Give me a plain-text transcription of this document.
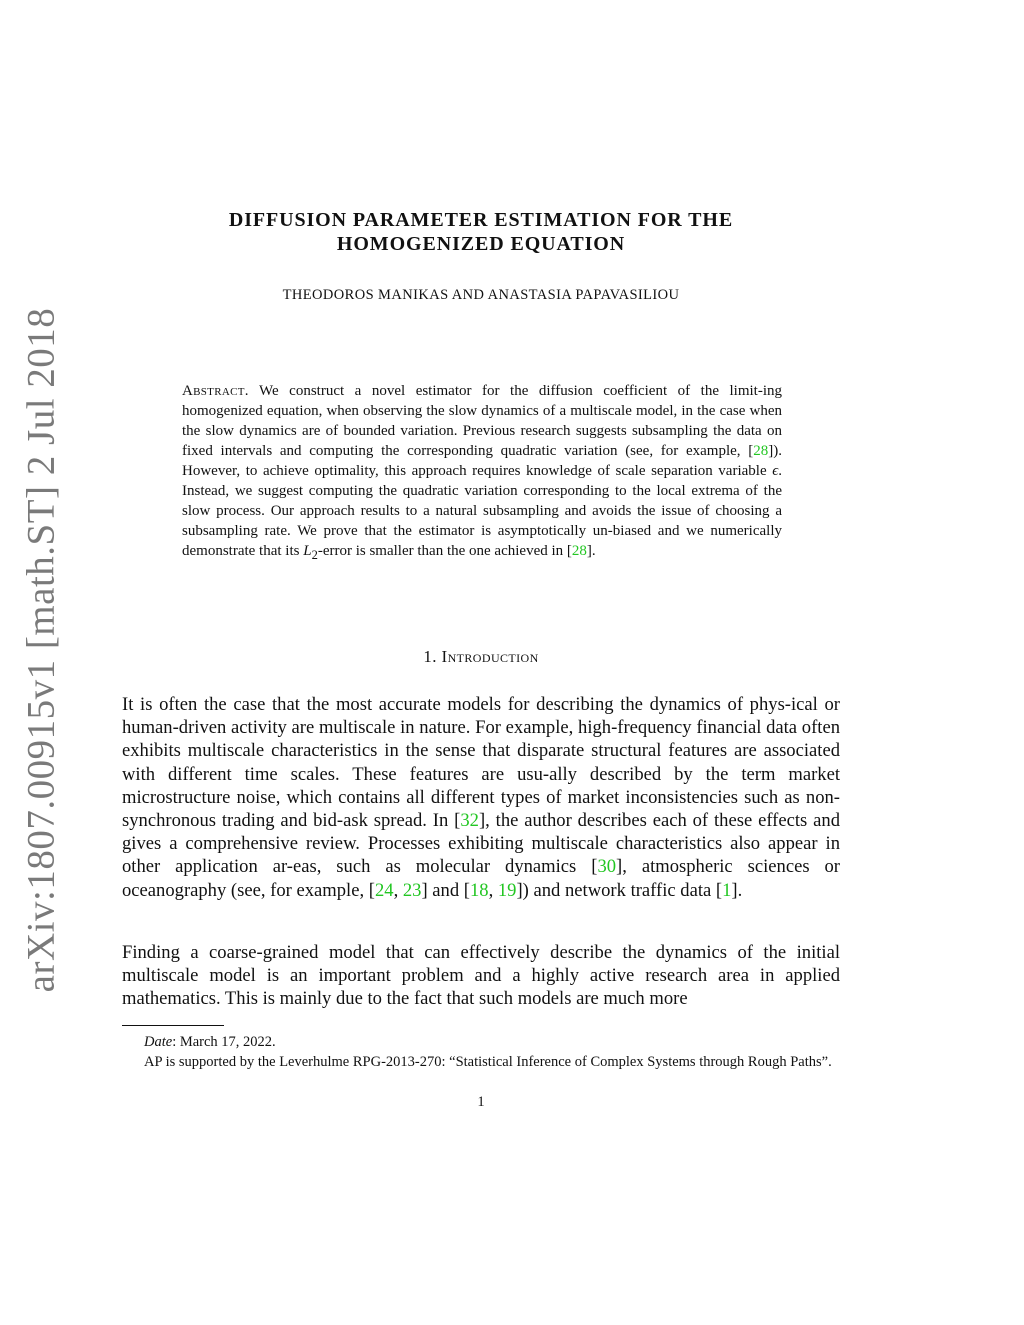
arXiv:1807.00915v1 [math.ST] 2 Jul 2018
DIFFUSION PARAMETER ESTIMATION FOR THE
HOMOGENIZED EQUATION
THEODOROS MANIKAS AND ANASTASIA PAPAVASILIOU
Abstract. We construct a novel estimator for the diffusion coefficient of the limit-ing homogenized equation, when observing the slow dynamics of a multiscale model, in the case when the slow dynamics are of bounded variation. Previous research suggests subsampling the data on fixed intervals and computing the corresponding quadratic variation (see, for example, [28]). However, to achieve optimality, this approach requires knowledge of scale separation variable ϵ. Instead, we suggest computing the quadratic variation corresponding to the local extrema of the slow process. Our approach results to a natural subsampling and avoids the issue of choosing a subsampling rate. We prove that the estimator is asymptotically un-biased and we numerically demonstrate that its $L_2$-error is smaller than the one achieved in [28].
1. Introduction
It is often the case that the most accurate models for describing the dynamics of phys-ical or human-driven activity are multiscale in nature. For example, high-frequency financial data often exhibits multiscale characteristics in the sense that disparate structural features are associated with different time scales. These features are usu-ally described by the term market microstructure noise, which contains all different types of market inconsistencies such as non-synchronous trading and bid-ask spread. In [32], the author describes each of these effects and gives a comprehensive review. Processes exhibiting multiscale characteristics also appear in other application ar-eas, such as molecular dynamics [30], atmospheric sciences or oceanography (see, for example, [24, 23] and [18, 19]) and network traffic data [1].
Finding a coarse-grained model that can effectively describe the dynamics of the initial multiscale model is an important problem and a highly active research area in applied mathematics. This is mainly due to the fact that such models are much more

Date: March 17, 2022.

AP is supported by the Leverhulme RPG-2013-270: “Statistical Inference of Complex Systems through Rough Paths”.

1
